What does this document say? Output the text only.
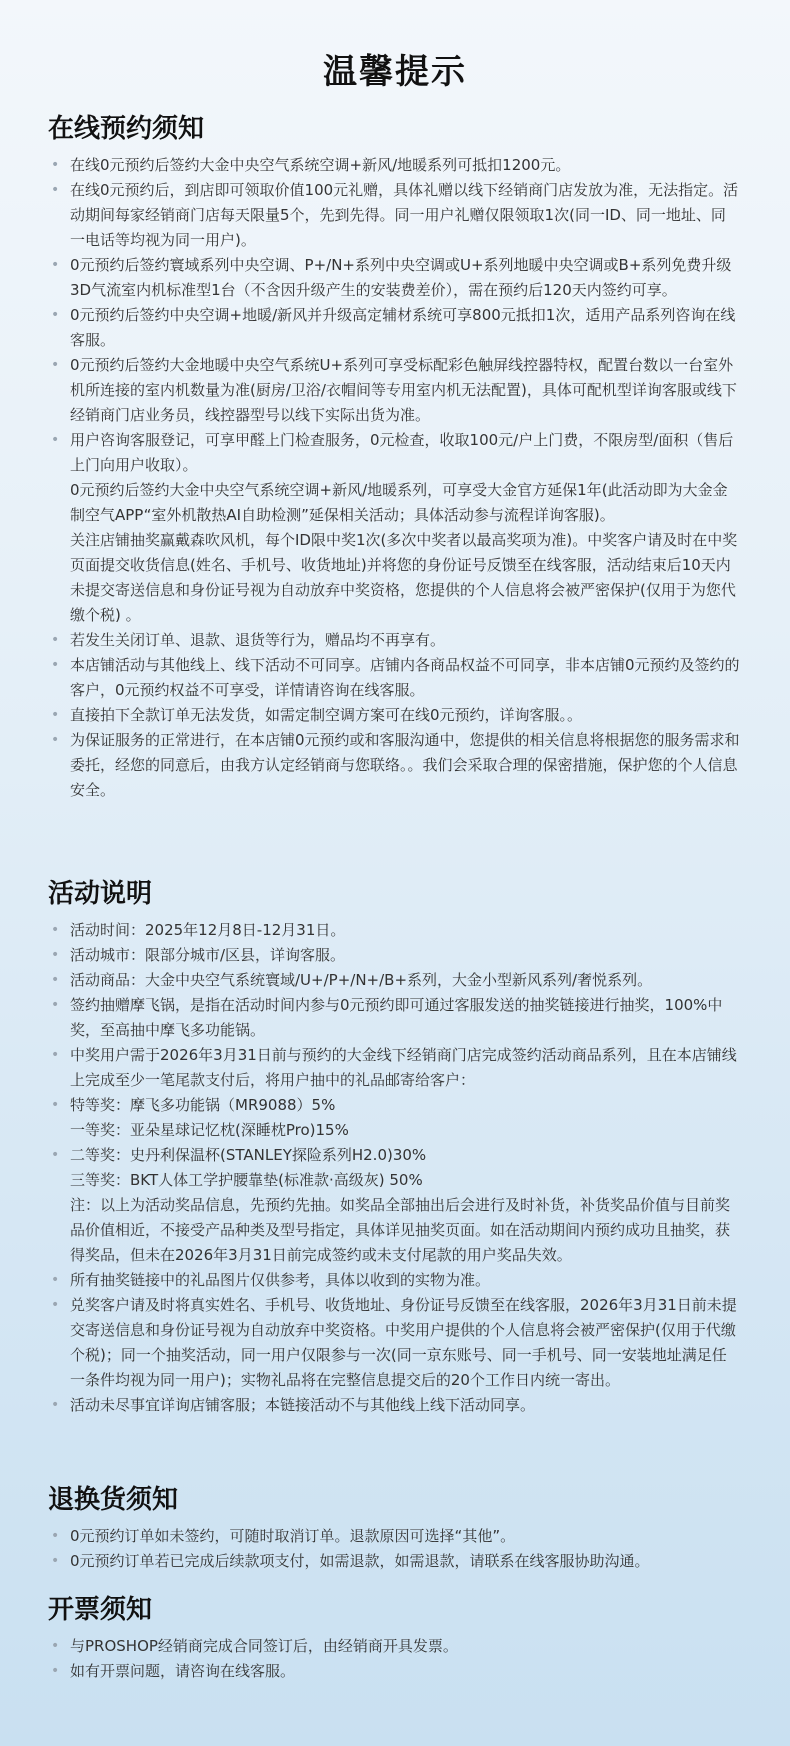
温馨提示
在线预约须知
• 在线0元预约后签约大金中央空气系统空调+新风/地暖系列可抵扣1200元。
• 在线0元预约后，到店即可领取价值100元礼赠，具体礼赠以线下经销商门店发放为准，无法指定。活动期间每家经销商门店每天限量5个，先到先得。同一用户礼赠仅限领取1次(同一ID、同一地址、同一电话等均视为同一用户)。
• 0元预约后签约寰域系列中央空调、P+/N+系列中央空调或U+系列地暖中央空调或B+系列免费升级3D气流室内机标准型1台（不含因升级产生的安装费差价），需在预约后120天内签约可享。
• 0元预约后签约中央空调+地暖/新风并升级高定辅材系统可享800元抵扣1次，适用产品系列咨询在线客服。
• 0元预约后签约大金地暖中央空气系统U+系列可享受标配彩色触屏线控器特权，配置台数以一台室外机所连接的室内机数量为准(厨房/卫浴/衣帽间等专用室内机无法配置)，具体可配机型详询客服或线下经销商门店业务员，线控器型号以线下实际出货为准。
• 用户咨询客服登记，可享甲醛上门检查服务，0元检查，收取100元/户上门费，不限房型/面积（售后上门向用户收取）。
0元预约后签约大金中央空气系统空调+新风/地暖系列，可享受大金官方延保1年(此活动即为大金金制空气APP“室外机散热AI自助检测”延保相关活动；具体活动参与流程详询客服)。
关注店铺抽奖赢戴森吹风机，每个ID限中奖1次(多次中奖者以最高奖项为准)。中奖客户请及时在中奖页面提交收货信息(姓名、手机号、收货地址)并将您的身份证号反馈至在线客服，活动结束后10天内未提交寄送信息和身份证号视为自动放弃中奖资格，您提供的个人信息将会被严密保护(仅用于为您代缴个税) 。
• 若发生关闭订单、退款、退货等行为，赠品均不再享有。
• 本店铺活动与其他线上、线下活动不可同享。店铺内各商品权益不可同享，非本店铺0元预约及签约的客户，0元预约权益不可享受，详情请咨询在线客服。
• 直接拍下全款订单无法发货，如需定制空调方案可在线0元预约，详询客服。。
• 为保证服务的正常进行，在本店铺0元预约或和客服沟通中，您提供的相关信息将根据您的服务需求和委托，经您的同意后，由我方认定经销商与您联络。。我们会采取合理的保密措施，保护您的个人信息安全。
活动说明
• 活动时间：2025年12月8日-12月31日。
• 活动城市：限部分城市/区县，详询客服。
• 活动商品：大金中央空气系统寰域/U+/P+/N+/B+系列，大金小型新风系列/奢悦系列。
• 签约抽赠摩飞锅，是指在活动时间内参与0元预约即可通过客服发送的抽奖链接进行抽奖，100%中奖，至高抽中摩飞多功能锅。
• 中奖用户需于2026年3月31日前与预约的大金线下经销商门店完成签约活动商品系列，且在本店铺线上完成至少一笔尾款支付后，将用户抽中的礼品邮寄给客户：
• 特等奖：摩飞多功能锅（MR9088）5%
一等奖：亚朵星球记忆枕(深睡枕Pro)15%
• 二等奖：史丹利保温杯(STANLEY探险系列H2.0)30%
三等奖：BKT人体工学护腰靠垫(标准款·高级灰) 50%
注：以上为活动奖品信息，先预约先抽。如奖品全部抽出后会进行及时补货，补货奖品价值与目前奖品价值相近，不接受产品种类及型号指定，具体详见抽奖页面。如在活动期间内预约成功且抽奖，获得奖品，但未在2026年3月31日前完成签约或未支付尾款的用户奖品失效。
• 所有抽奖链接中的礼品图片仅供参考，具体以收到的实物为准。
• 兑奖客户请及时将真实姓名、手机号、收货地址、身份证号反馈至在线客服，2026年3月31日前未提交寄送信息和身份证号视为自动放弃中奖资格。中奖用户提供的个人信息将会被严密保护(仅用于代缴个税)；同一个抽奖活动，同一用户仅限参与一次(同一京东账号、同一手机号、同一安装地址满足任一条件均视为同一用户)；实物礼品将在完整信息提交后的20个工作日内统一寄出。
• 活动未尽事宜详询店铺客服；本链接活动不与其他线上线下活动同享。
退换货须知
• 0元预约订单如未签约，可随时取消订单。退款原因可选择“其他”。
• 0元预约订单若已完成后续款项支付，如需退款，如需退款，请联系在线客服协助沟通。
开票须知
• 与PROSHOP经销商完成合同签订后，由经销商开具发票。
• 如有开票问题，请咨询在线客服。
